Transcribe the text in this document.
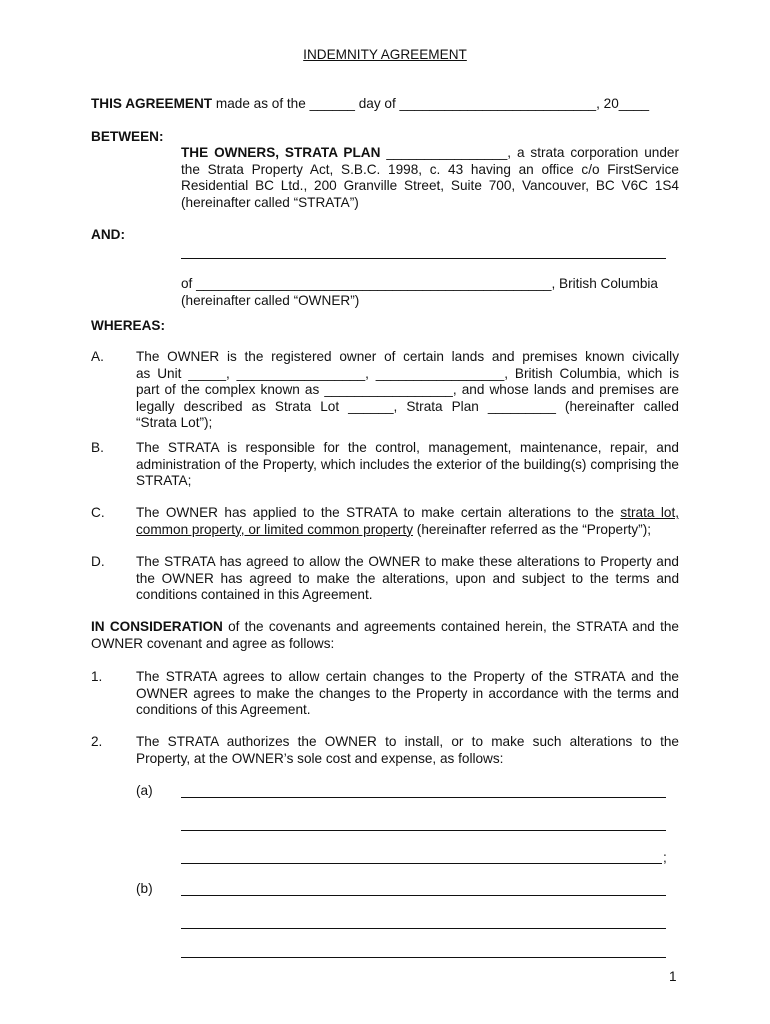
INDEMNITY AGREEMENT
THIS AGREEMENT made as of the ______ day of __________________________, 20____
BETWEEN:
THE OWNERS, STRATA PLAN ________________, a strata corporation under
the Strata Property Act, S.B.C. 1998, c. 43 having an office c/o FirstService
Residential BC Ltd., 200 Granville Street, Suite 700, Vancouver, BC V6C 1S4
(hereinafter called “STRATA”)
AND:
of _______________________________________________, British Columbia
(hereinafter called “OWNER”)
WHEREAS:
A. The OWNER is the registered owner of certain lands and premises known civically
as Unit _____, _________________, _________________, British Columbia, which is
part of the complex known as _________________, and whose lands and premises are
legally described as Strata Lot ______, Strata Plan _________ (hereinafter called
“Strata Lot”);
B. The STRATA is responsible for the control, management, maintenance, repair, and
administration of the Property, which includes the exterior of the building(s) comprising the
STRATA;
C. The OWNER has applied to the STRATA to make certain alterations to the strata lot,
common property, or limited common property (hereinafter referred as the “Property”);
D. The STRATA has agreed to allow the OWNER to make these alterations to Property and
the OWNER has agreed to make the alterations, upon and subject to the terms and
conditions contained in this Agreement.
IN CONSIDERATION of the covenants and agreements contained herein, the STRATA and the
OWNER covenant and agree as follows:
1. The STRATA agrees to allow certain changes to the Property of the STRATA and the
OWNER agrees to make the changes to the Property in accordance with the terms and
conditions of this Agreement.
2. The STRATA authorizes the OWNER to install, or to make such alterations to the
Property, at the OWNER’s sole cost and expense, as follows:
(a)
;
(b)
1
